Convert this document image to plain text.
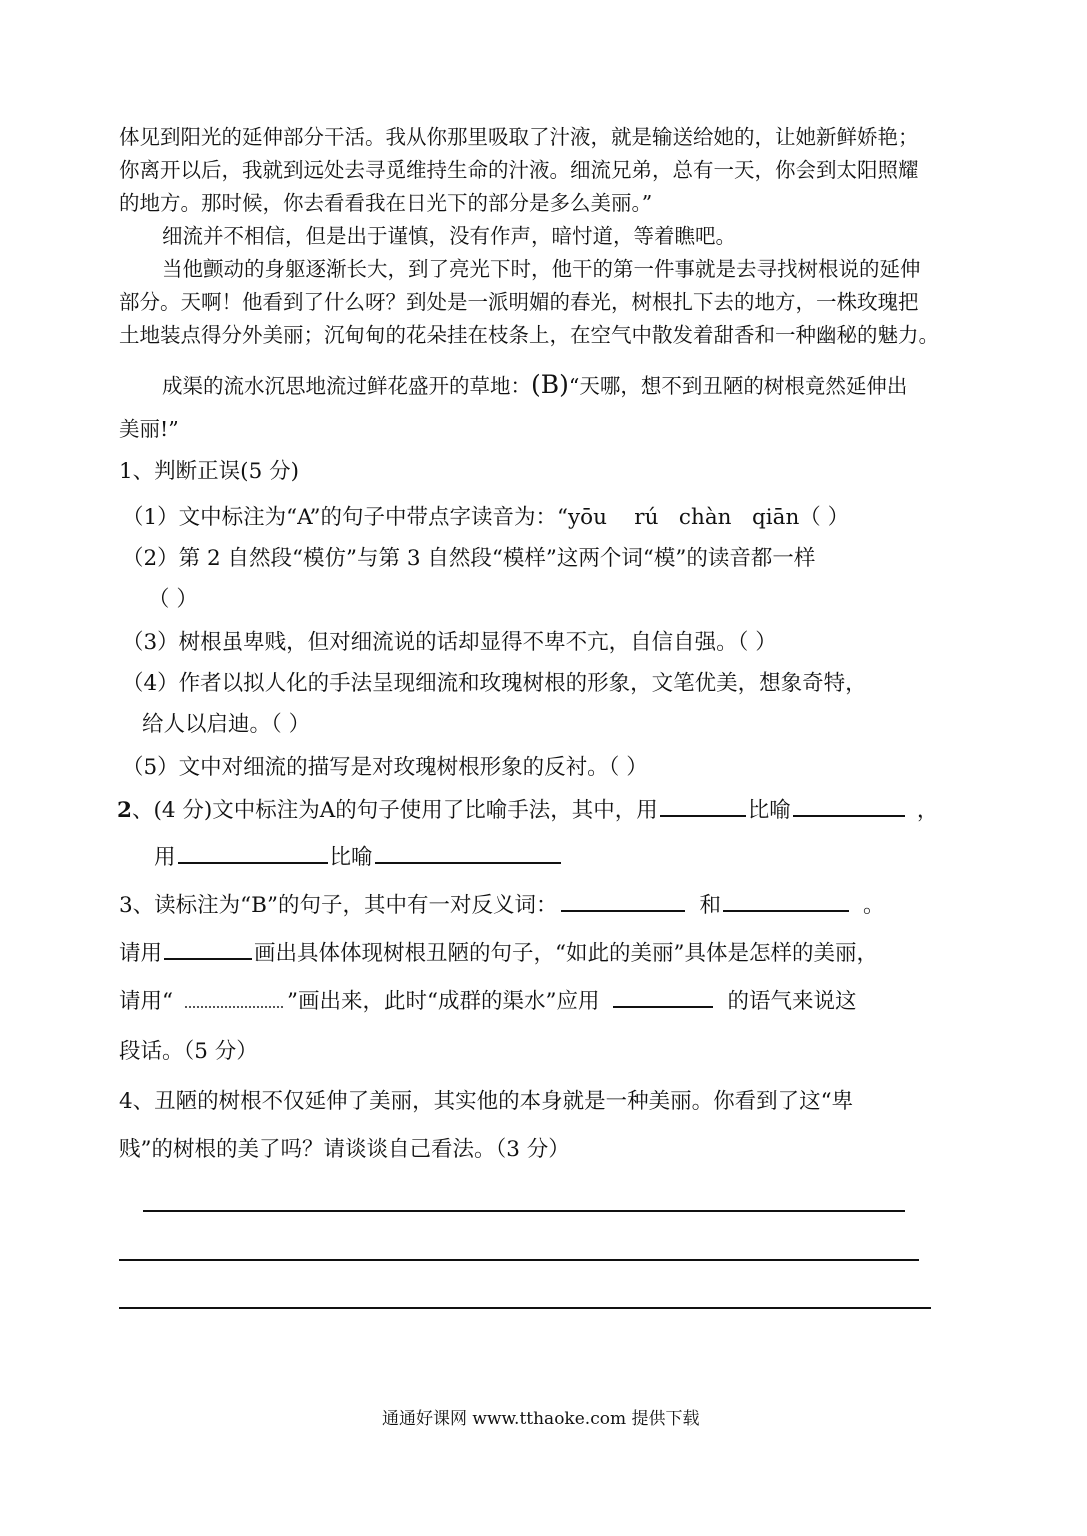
体见到阳光的延伸部分干活。我从你那里吸取了汁液，就是输送给她的，让她新鲜娇艳；
你离开以后，我就到远处去寻觅维持生命的汁液。细流兄弟，总有一天，你会到太阳照耀
的地方。那时候，你去看看我在日光下的部分是多么美丽。”
细流并不相信，但是出于谨慎，没有作声，暗忖道，等着瞧吧。
当他颤动的身躯逐渐长大，到了亮光下时，他干的第一件事就是去寻找树根说的延伸
部分。天啊！他看到了什么呀？到处是一派明媚的春光，树根扎下去的地方，一株玫瑰把
土地装点得分外美丽；沉甸甸的花朵挂在枝条上，在空气中散发着甜香和一种幽秘的魅力。
成渠的流水沉思地流过鲜花盛开的草地：(B)“天哪，想不到丑陋的树根竟然延伸出
美丽!”
1、判断正误(5 分)
（1）文中标注为“A”的句子中带点字读音为：“yōu    rú   chàn   qiān（ ）
（2）第 2 自然段“模仿”与第 3 自然段“模样”这两个词“模”的读音都一样
（ ）
（3）树根虽卑贱，但对细流说的话却显得不卑不亢，自信自强。（ ）
（4）作者以拟人化的手法呈现细流和玫瑰树根的形象，文笔优美，想象奇特，
给人以启迪。（ ）
（5）文中对细流的描写是对玫瑰树根形象的反衬。（ ）
2、(4 分)文中标注为A的句子使用了比喻手法，其中，用	比喻	，
用	比喻
3、读标注为“B”的句子，其中有一对反义词：	和	。
请用	画出具体体现树根丑陋的句子，“如此的美丽”具体是怎样的美丽，
请用“	”画出来，此时“成群的渠水”应用	的语气来说这
段话。（5 分）
4、丑陋的树根不仅延伸了美丽，其实他的本身就是一种美丽。你看到了这“卑
贱”的树根的美了吗？请谈谈自己看法。（3 分）
通通好课网 www.tthaoke.com 提供下载
